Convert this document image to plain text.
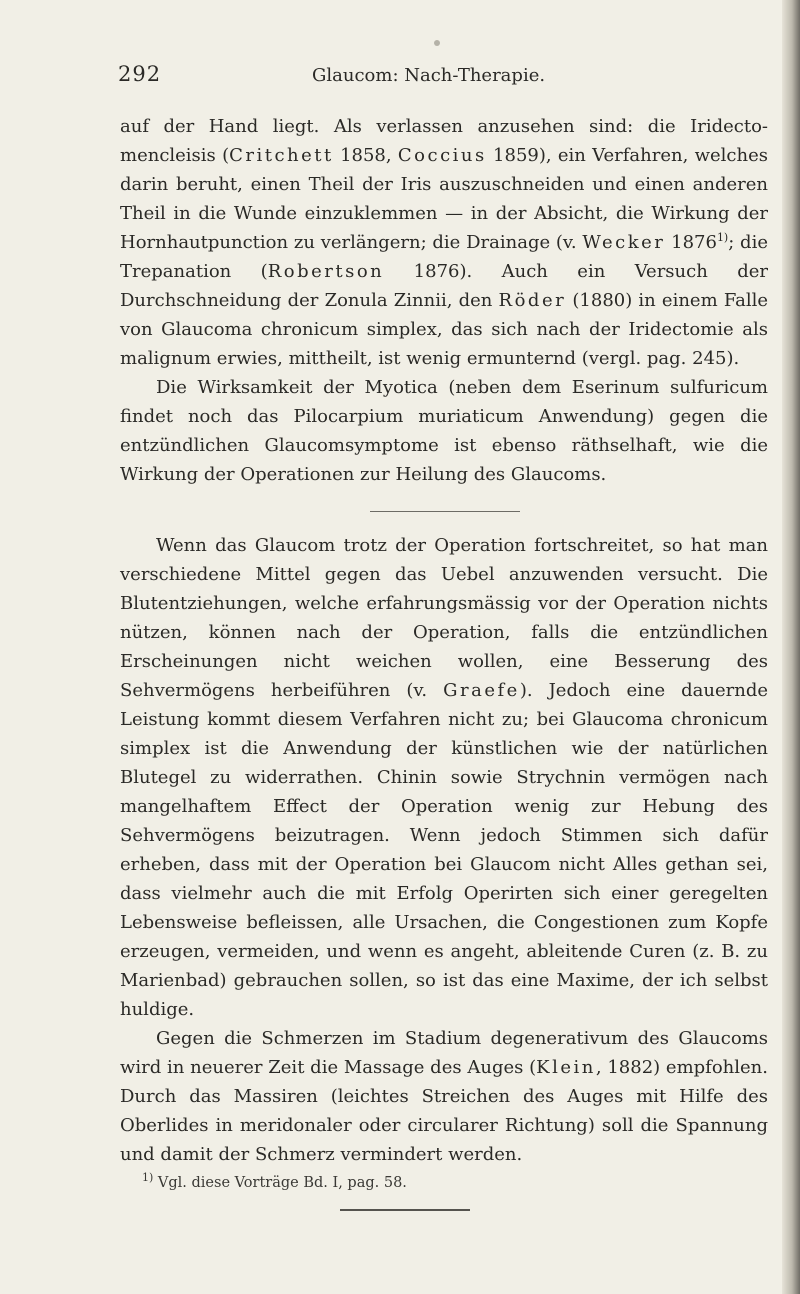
292	Glaucom: Nach-Therapie.

auf der Hand liegt. Als verlassen anzusehen sind: die Iridecto-mencleisis (Critchett 1858, Coccius 1859), ein Verfahren, welches darin beruht, einen Theil der Iris auszuschneiden und einen anderen Theil in die Wunde einzuklemmen — in der Absicht, die Wirkung der Hornhautpunction zu verlängern; die Drainage (v. Wecker 1876$^{1)}$; die Trepanation (Robertson 1876). Auch ein Versuch der Durchschneidung der Zonula Zinnii, den Röder (1880) in einem Falle von Glaucoma chronicum simplex, das sich nach der Iridectomie als malignum erwies, mittheilt, ist wenig ermunternd (vergl. pag. 245).

Die Wirksamkeit der Myotica (neben dem Eserinum sulfuricum findet noch das Pilocarpium muriaticum Anwendung) gegen die entzündlichen Glaucomsymptome ist ebenso räthselhaft, wie die Wirkung der Operationen zur Heilung des Glaucoms.

Wenn das Glaucom trotz der Operation fortschreitet, so hat man verschiedene Mittel gegen das Uebel anzuwenden versucht. Die Blutentziehungen, welche erfahrungsmässig vor der Operation nichts nützen, können nach der Operation, falls die entzündlichen Erscheinungen nicht weichen wollen, eine Besserung des Sehvermögens herbeiführen (v. Graefe). Jedoch eine dauernde Leistung kommt diesem Verfahren nicht zu; bei Glaucoma chronicum simplex ist die Anwendung der künstlichen wie der natürlichen Blutegel zu widerrathen. Chinin sowie Strychnin vermögen nach mangelhaftem Effect der Operation wenig zur Hebung des Sehvermögens beizutragen. Wenn jedoch Stimmen sich dafür erheben, dass mit der Operation bei Glaucom nicht Alles gethan sei, dass vielmehr auch die mit Erfolg Operirten sich einer geregelten Lebensweise befleissen, alle Ursachen, die Congestionen zum Kopfe erzeugen, vermeiden, und wenn es angeht, ableitende Curen (z. B. zu Marienbad) gebrauchen sollen, so ist das eine Maxime, der ich selbst huldige.

Gegen die Schmerzen im Stadium degenerativum des Glaucoms wird in neuerer Zeit die Massage des Auges (Klein, 1882) empfohlen. Durch das Massiren (leichtes Streichen des Auges mit Hilfe des Oberlides in meridonaler oder circularer Richtung) soll die Spannung und damit der Schmerz vermindert werden.

$^{1)}$ Vgl. diese Vorträge Bd. I, pag. 58.
